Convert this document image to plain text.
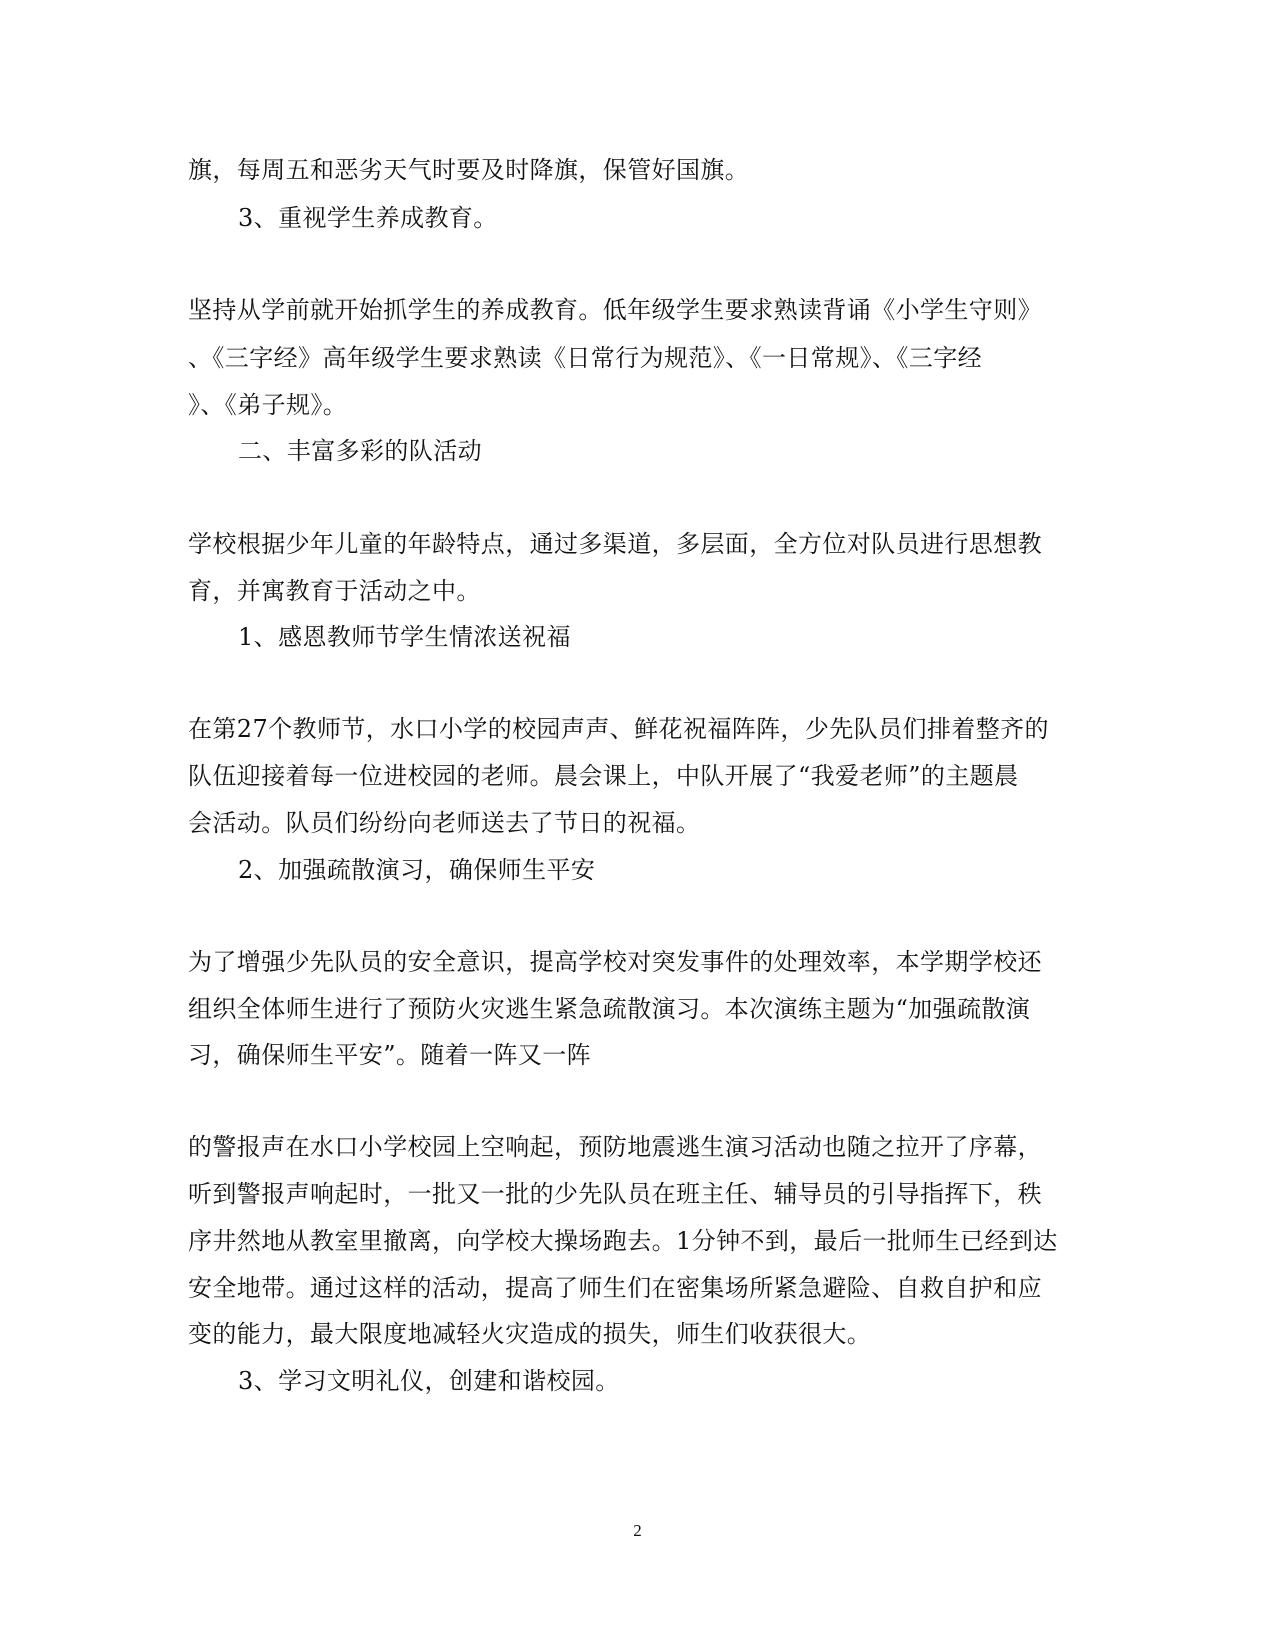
旗，每周五和恶劣天气时要及时降旗，保管好国旗。
3、重视学生养成教育。
坚持从学前就开始抓学生的养成教育。低年级学生要求熟读背诵《小学生守则》
、《三字经》高年级学生要求熟读《日常行为规范》、《一日常规》、《三字经
》、《弟子规》。
二、丰富多彩的队活动
学校根据少年儿童的年龄特点，通过多渠道，多层面，全方位对队员进行思想教
育，并寓教育于活动之中。
1、感恩教师节学生情浓送祝福
在第27个教师节，水口小学的校园声声、鲜花祝福阵阵，少先队员们排着整齐的
队伍迎接着每一位进校园的老师。晨会课上，中队开展了“我爱老师”的主题晨
会活动。队员们纷纷向老师送去了节日的祝福。
2、加强疏散演习，确保师生平安
为了增强少先队员的安全意识，提高学校对突发事件的处理效率，本学期学校还
组织全体师生进行了预防火灾逃生紧急疏散演习。本次演练主题为“加强疏散演
习，确保师生平安”。随着一阵又一阵
的警报声在水口小学校园上空响起，预防地震逃生演习活动也随之拉开了序幕，
听到警报声响起时，一批又一批的少先队员在班主任、辅导员的引导指挥下，秩
序井然地从教室里撤离，向学校大操场跑去。1分钟不到，最后一批师生已经到达
安全地带。通过这样的活动，提高了师生们在密集场所紧急避险、自救自护和应
变的能力，最大限度地减轻火灾造成的损失，师生们收获很大。
3、学习文明礼仪，创建和谐校园。
2
